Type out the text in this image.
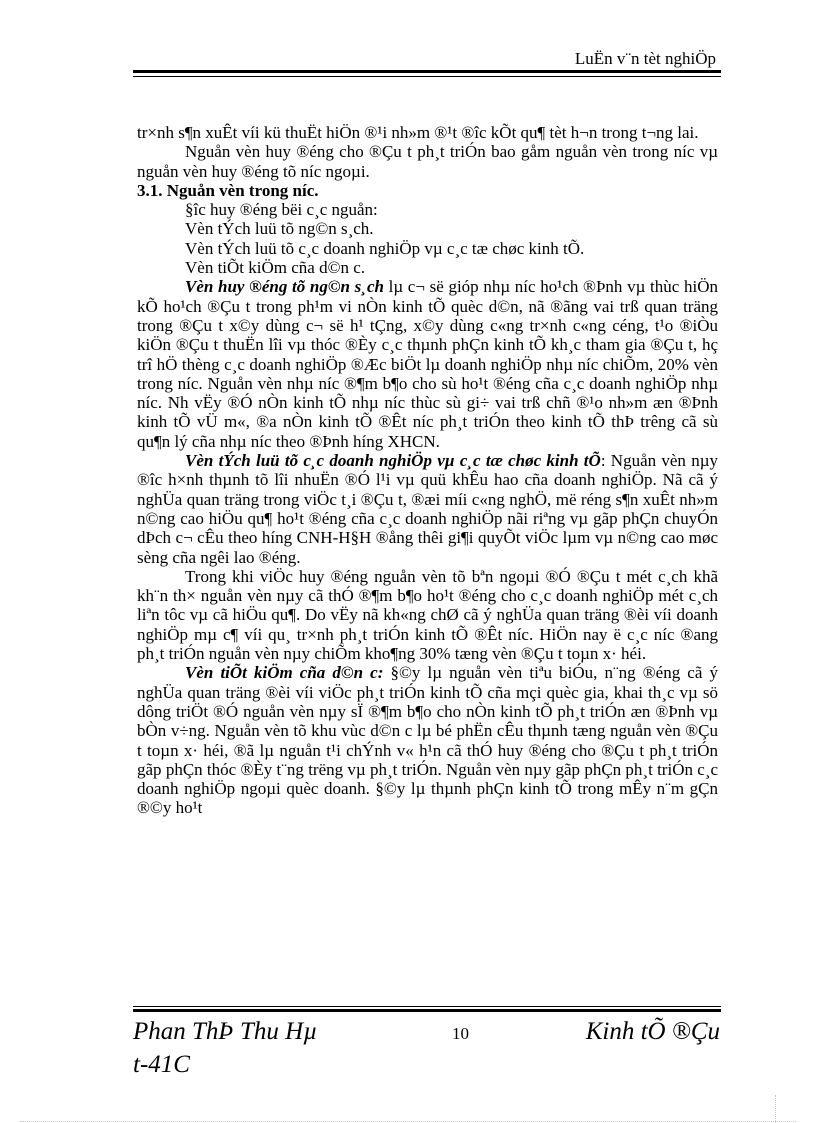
LuËn v¨n tèt nghiÖp

tr×nh s¶n xuÊt víi kü thuËt hiÖn ®¹i nh»m ®¹t ®îc kÕt qu¶ tèt h¬n trong t¬ng lai.

Nguån vèn huy ®éng cho ®Çu t ph¸t triÓn bao gåm nguån vèn trong níc vµ nguån vèn huy ®éng tõ níc ngoµi.

3.1. Nguån vèn trong níc.

§îc huy ®éng bëi c¸c nguån:

Vèn tÝch luü tõ ng©n s¸ch.

Vèn tÝch luü tõ c¸c doanh nghiÖp vµ c¸c tæ chøc kinh tÕ.

Vèn tiÕt kiÖm cña d©n c.

Vèn huy ®éng tõ ng©n s¸ch lµ c¬ së gióp nhµ níc ho¹ch ®Þnh vµ thùc hiÖn kÕ ho¹ch ®Çu t trong ph¹m vi nÒn kinh tÕ quèc d©n, nã ®ãng vai trß quan träng trong ®Çu t x©y dùng c¬ së h¹ tÇng, x©y dùng c«ng tr×nh c«ng céng, t¹o ®iÒu kiÖn ®Çu t thuËn lîi vµ thóc ®Èy c¸c thµnh phÇn kinh tÕ kh¸c tham gia ®Çu t, hç trî hÖ thèng c¸c doanh nghiÖp ®Æc biÖt lµ doanh nghiÖp nhµ níc chiÕm, 20% vèn trong níc. Nguån vèn nhµ níc ®¶m b¶o cho sù ho¹t ®éng cña c¸c doanh nghiÖp nhµ níc. Nh vËy ®Ó nÒn kinh tÕ nhµ níc thùc sù gi÷ vai trß chñ ®¹o nh»m æn ®Þnh kinh tÕ vÜ m«, ®a nÒn kinh tÕ ®Êt níc ph¸t triÓn theo kinh tÕ thÞ trêng cã sù qu¶n lý cña nhµ níc theo ®Þnh híng XHCN.

Vèn tÝch luü tõ c¸c doanh nghiÖp vµ c¸c tæ chøc kinh tÕ: Nguån vèn nµy ®îc h×nh thµnh tõ lîi nhuËn ®Ó l¹i vµ quü khÊu hao cña doanh nghiÖp. Nã cã ý nghÜa quan träng trong viÖc t¸i ®Çu t, ®æi míi c«ng nghÖ, më réng s¶n xuÊt nh»m n©ng cao hiÖu qu¶ ho¹t ®éng cña c¸c doanh nghiÖp nãi riªng vµ gãp phÇn chuyÓn dÞch c¬ cÊu theo híng CNH-H§H ®ång thêi gi¶i quyÕt viÖc lµm vµ n©ng cao møc sèng cña ngêi lao ®éng.

Trong khi viÖc huy ®éng nguån vèn tõ bªn ngoµi ®Ó ®Çu t mét c¸ch khã kh¨n th× nguån vèn nµy cã thÓ ®¶m b¶o ho¹t ®éng cho c¸c doanh nghiÖp mét c¸ch liªn tôc vµ cã hiÖu qu¶. Do vËy nã kh«ng chØ cã ý nghÜa quan träng ®èi víi doanh nghiÖp mµ c¶ víi qu¸ tr×nh ph¸t triÓn kinh tÕ ®Êt níc. HiÖn nay ë c¸c níc ®ang ph¸t triÓn nguån vèn nµy chiÕm kho¶ng 30% tæng vèn ®Çu t toµn x· héi.

Vèn tiÕt kiÖm cña d©n c: §©y lµ nguån vèn tiªu biÓu, n¨ng ®éng cã ý nghÜa quan träng ®èi víi viÖc ph¸t triÓn kinh tÕ cña mçi quèc gia, khai th¸c vµ sö dông triÖt ®Ó nguån vèn nµy sÏ ®¶m b¶o cho nÒn kinh tÕ ph¸t triÓn æn ®Þnh vµ bÒn v÷ng. Nguån vèn tõ khu vùc d©n c lµ bé phËn cÊu thµnh tæng nguån vèn ®Çu t toµn x· héi, ®ã lµ nguån t¹i chÝnh v« h¹n cã thÓ huy ®éng cho ®Çu t ph¸t triÓn gãp phÇn thóc ®Èy t¨ng trëng vµ ph¸t triÓn. Nguån vèn nµy gãp phÇn ph¸t triÓn c¸c doanh nghiÖp ngoµi quèc doanh. §©y lµ thµnh phÇn kinh tÕ trong mÊy n¨m gÇn ®©y ho¹t

Phan ThÞ Thu Hµ
t-41C
10	Kinh tÕ ®Çu
